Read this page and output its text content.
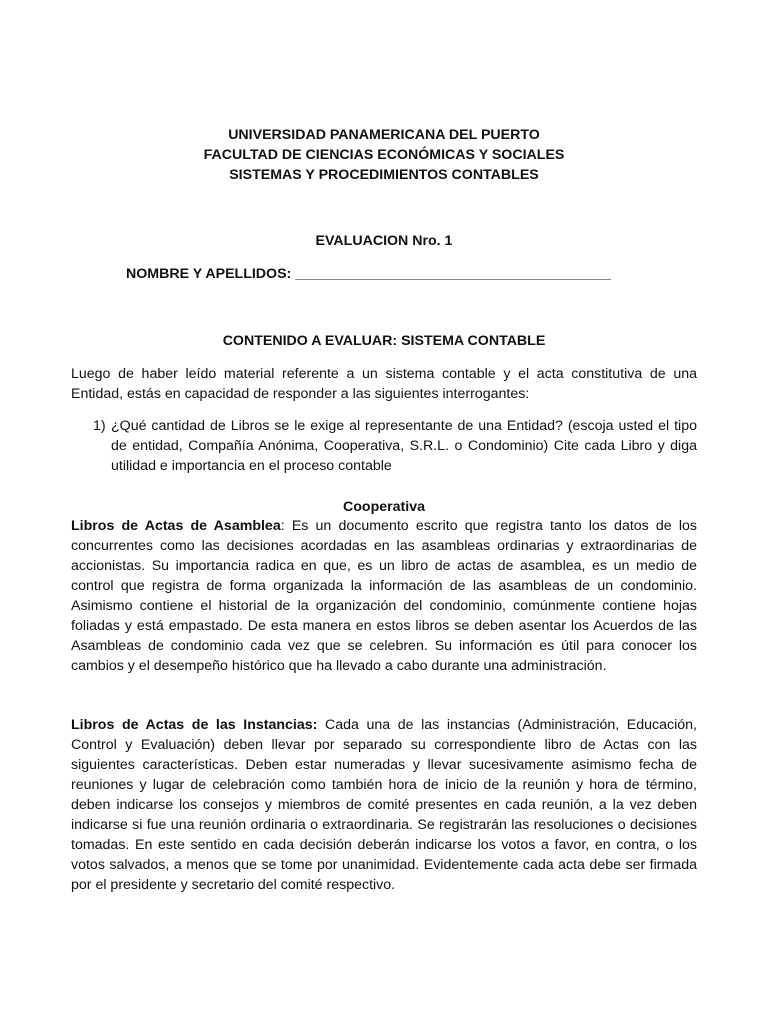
UNIVERSIDAD PANAMERICANA DEL PUERTO
FACULTAD DE CIENCIAS ECONÓMICAS Y SOCIALES
SISTEMAS Y PROCEDIMIENTOS CONTABLES
EVALUACION Nro. 1
NOMBRE Y APELLIDOS: ________________________________________
CONTENIDO A EVALUAR: SISTEMA CONTABLE
Luego de haber leído material referente a un sistema contable y el acta constitutiva de una Entidad, estás en capacidad de responder a las siguientes interrogantes:
1) ¿Qué cantidad de Libros se le exige al representante de una Entidad? (escoja usted el tipo de entidad, Compañía Anónima, Cooperativa, S.R.L. o Condominio) Cite cada Libro y diga utilidad e importancia en el proceso contable
Cooperativa
Libros de Actas de Asamblea: Es un documento escrito que registra tanto los datos de los concurrentes como las decisiones acordadas en las asambleas ordinarias y extraordinarias de accionistas. Su importancia radica en que, es un libro de actas de asamblea, es un medio de control que registra de forma organizada la información de las asambleas de un condominio. Asimismo contiene el historial de la organización del condominio, comúnmente contiene hojas foliadas y está empastado. De esta manera en estos libros se deben asentar los Acuerdos de las Asambleas de condominio cada vez que se celebren. Su información es útil para conocer los cambios y el desempeño histórico que ha llevado a cabo durante una administración.
Libros de Actas de las Instancias: Cada una de las instancias (Administración, Educación, Control y Evaluación) deben llevar por separado su correspondiente libro de Actas con las siguientes características. Deben estar numeradas y llevar sucesivamente asimismo fecha de reuniones y lugar de celebración como también hora de inicio de la reunión y hora de término, deben indicarse los consejos y miembros de comité presentes en cada reunión, a la vez deben indicarse si fue una reunión ordinaria o extraordinaria. Se registrarán las resoluciones o decisiones tomadas. En este sentido en cada decisión deberán indicarse los votos a favor, en contra, o los votos salvados, a menos que se tome por unanimidad. Evidentemente cada acta debe ser firmada por el presidente y secretario del comité respectivo.
